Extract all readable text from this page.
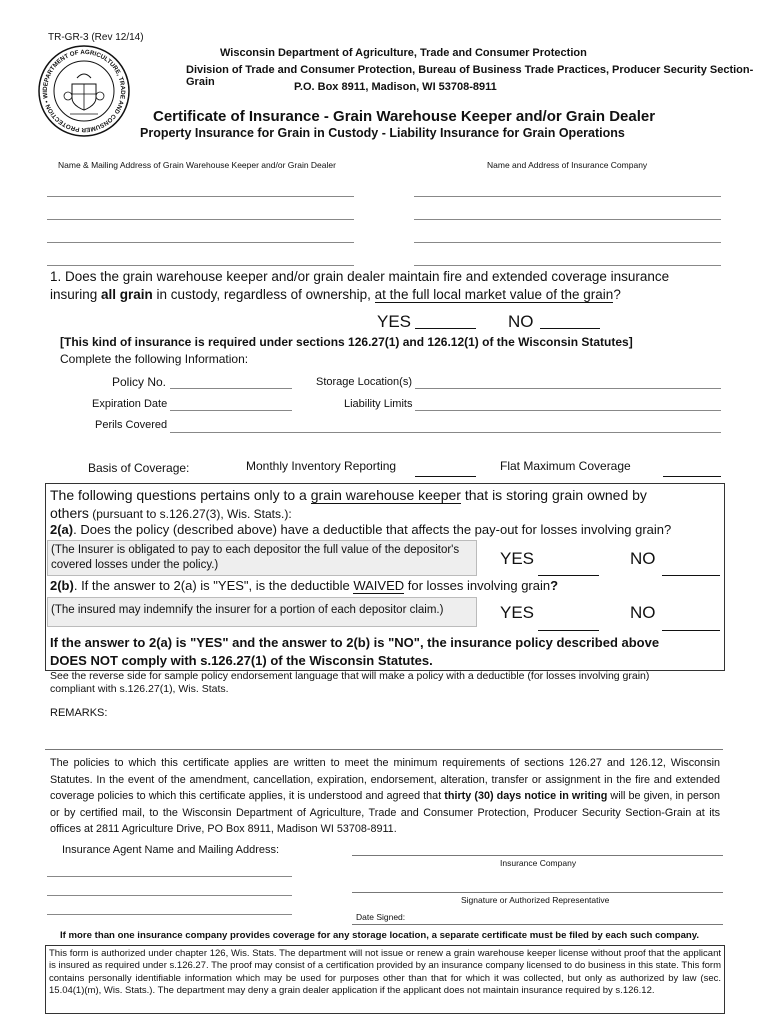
TR-GR-3 (Rev 12/14)
DEPARTMENT OF AGRICULTURE, TRADE AND CONSUMER PROTECTION • WI
Wisconsin Department of Agriculture, Trade and Consumer Protection
Division of Trade and Consumer Protection, Bureau of Business Trade Practices, Producer Security Section-Grain	P.O. Box 8911, Madison, WI 53708-8911
Certificate of Insurance - Grain Warehouse Keeper and/or Grain Dealer
Property Insurance for Grain in Custody - Liability Insurance for Grain Operations
Name & Mailing Address of Grain Warehouse Keeper and/or Grain Dealer	Name and Address of Insurance Company
1. Does the grain warehouse keeper and/or grain dealer maintain fire and extended coverage insurance
insuring all grain in custody, regardless of ownership, at the full local market value of the grain?
YES	NO
[This kind of insurance is required under sections 126.27(1) and 126.12(1) of the Wisconsin Statutes]
Complete the following Information:
Policy No.	Storage Location(s)
Expiration Date	Liability Limits
Perils Covered
Basis of Coverage:	Monthly Inventory Reporting	Flat Maximum Coverage
The following questions pertains only to a grain warehouse keeper that is storing grain owned by
others (pursuant to s.126.27(3), Wis. Stats.):
2(a). Does the policy (described above) have a deductible that affects the pay-out for losses involving grain?
(The Insurer is obligated to pay to each depositor the full value of the depositor's covered losses under the policy.)	YES	NO
2(b). If the answer to 2(a) is "YES", is the deductible WAIVED for losses involving grain?
(The insured may indemnify the insurer for a portion of each depositor claim.)	YES	NO
If the answer to 2(a) is "YES" and the answer to 2(b) is "NO", the insurance policy described above
DOES NOT comply with s.126.27(1) of the Wisconsin Statutes.
See the reverse side for sample policy endorsement language that will make a policy with a deductible (for losses involving grain) compliant with s.126.27(1), Wis. Stats.
REMARKS:
The policies to which this certificate applies are written to meet the minimum requirements of sections 126.27 and 126.12, Wisconsin Statutes. In the event of the amendment, cancellation, expiration, endorsement, alteration, transfer or assignment in the fire and extended coverage policies to which this certificate applies, it is understood and agreed that thirty (30) days notice in writing will be given, in person or by certified mail, to the Wisconsin Department of Agriculture, Trade and Consumer Protection, Producer Security Section-Grain at its offices at 2811 Agriculture Drive, PO Box 8911, Madison WI 53708-8911.
Insurance Agent Name and Mailing Address:
Insurance Company
Signature or Authorized Representative
Date Signed:
If more than one insurance company provides coverage for any storage location, a separate certificate must be filed by each such company.
This form is authorized under chapter 126, Wis. Stats. The department will not issue or renew a grain warehouse keeper license without proof that the applicant is insured as required under s.126.27. The proof may consist of a certification provided by an insurance company licensed to do business in this state. This form contains personally identifiable information which may be used for purposes other than that for which it was collected, but only as authorized by law (sec. 15.04(1)(m), Wis. Stats.). The department may deny a grain dealer application if the applicant does not maintain insurance required by s.126.12.
